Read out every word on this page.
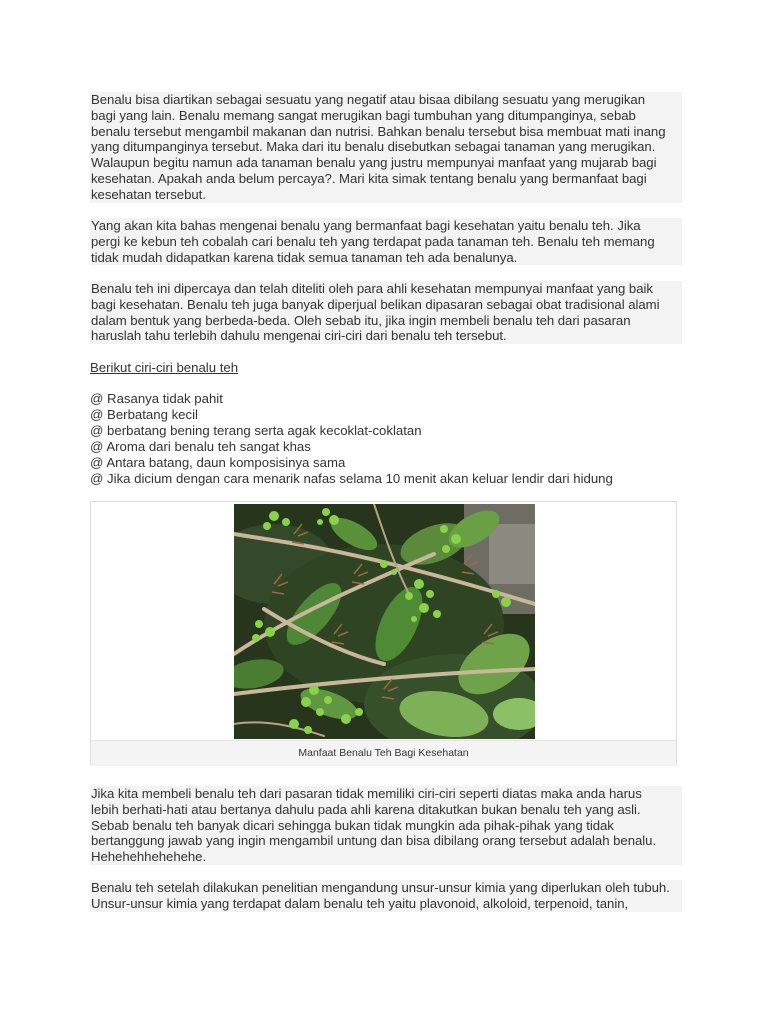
Benalu bisa diartikan sebagai sesuatu yang negatif atau bisaa dibilang sesuatu yang merugikan
bagi yang lain. Benalu memang sangat merugikan bagi tumbuhan yang ditumpanginya, sebab
benalu tersebut mengambil makanan dan nutrisi. Bahkan benalu tersebut bisa membuat mati inang
yang ditumpanginya tersebut. Maka dari itu benalu disebutkan sebagai tanaman yang merugikan.
Walaupun begitu namun ada tanaman benalu yang justru mempunyai manfaat yang mujarab bagi
kesehatan. Apakah anda belum percaya?. Mari kita simak tentang benalu yang bermanfaat bagi
kesehatan tersebut.

Yang akan kita bahas mengenai benalu yang bermanfaat bagi kesehatan yaitu benalu teh. Jika
pergi ke kebun teh cobalah cari benalu teh yang terdapat pada tanaman teh. Benalu teh memang
tidak mudah didapatkan karena tidak semua tanaman teh ada benalunya.

Benalu teh ini dipercaya dan telah diteliti oleh para ahli kesehatan mempunyai manfaat yang baik
bagi kesehatan. Benalu teh juga banyak diperjual belikan dipasaran sebagai obat tradisional alami
dalam bentuk yang berbeda-beda. Oleh sebab itu, jika ingin membeli benalu teh dari pasaran
haruslah tahu terlebih dahulu mengenai ciri-ciri dari benalu teh tersebut.

Berikut ciri-ciri benalu teh

@ Rasanya tidak pahit
@ Berbatang kecil
@ berbatang bening terang serta agak kecoklat-coklatan
@ Aroma dari benalu teh sangat khas
@ Antara batang, daun komposisinya sama
@ Jika dicium dengan cara menarik nafas selama 10 menit akan keluar lendir dari hidung
Manfaat Benalu Teh Bagi Kesehatan

Jika kita membeli benalu teh dari pasaran tidak memiliki ciri-ciri seperti diatas maka anda harus
lebih berhati-hati atau bertanya dahulu pada ahli karena ditakutkan bukan benalu teh yang asli.
Sebab benalu teh banyak dicari sehingga bukan tidak mungkin ada pihak-pihak yang tidak
bertanggung jawab yang ingin mengambil untung dan bisa dibilang orang tersebut adalah benalu.
Hehehehhehehehe.

Benalu teh setelah dilakukan penelitian mengandung unsur-unsur kimia yang diperlukan oleh tubuh.
Unsur-unsur kimia yang terdapat dalam benalu teh yaitu plavonoid, alkoloid, terpenoid, tanin,
